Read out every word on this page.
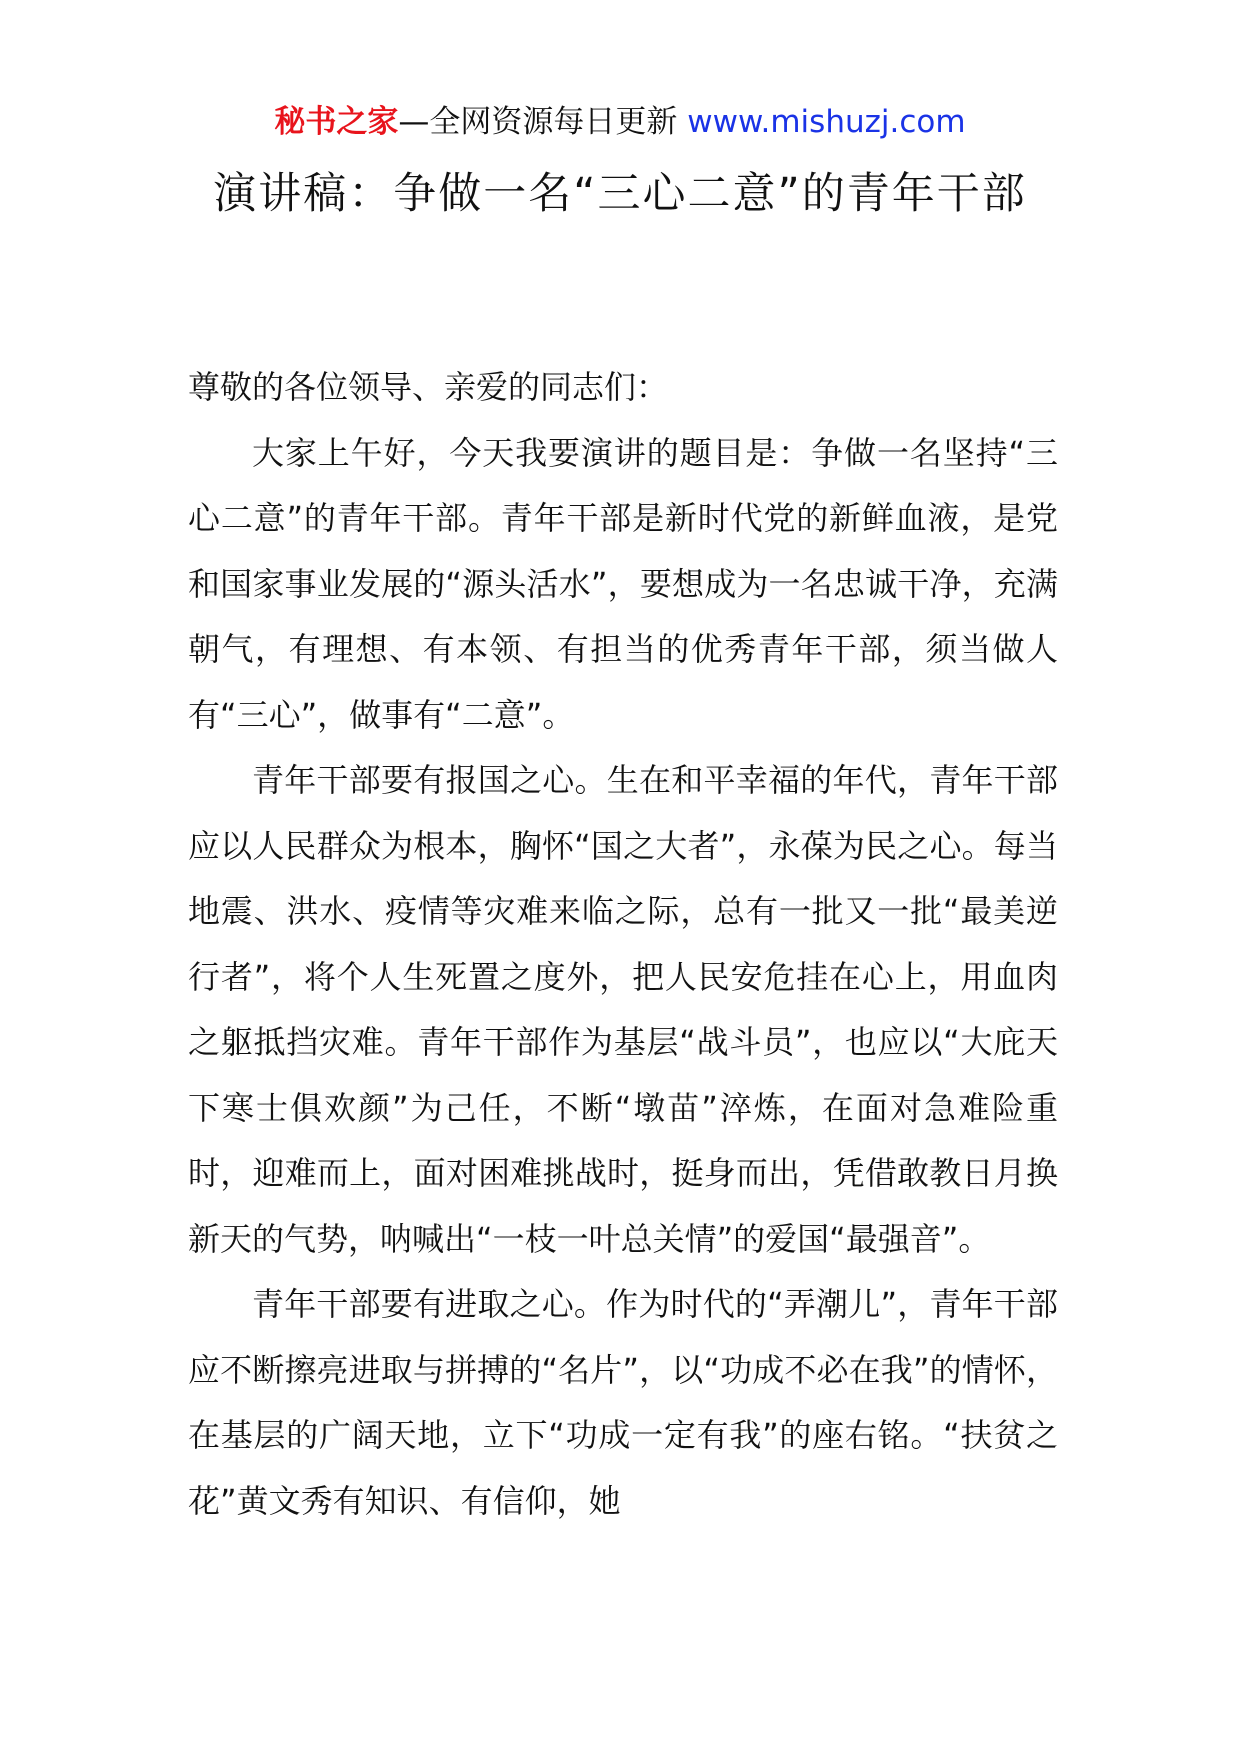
秘书之家—全网资源每日更新 www.mishuzj.com
演讲稿：争做一名“三心二意”的青年干部

尊敬的各位领导、亲爱的同志们：

大家上午好，今天我要演讲的题目是：争做一名坚持“三心二意”的青年干部。青年干部是新时代党的新鲜血液，是党和国家事业发展的“源头活水”，要想成为一名忠诚干净，充满朝气，有理想、有本领、有担当的优秀青年干部，须当做人有“三心”，做事有“二意”。

青年干部要有报国之心。生在和平幸福的年代，青年干部应以人民群众为根本，胸怀“国之大者”，永葆为民之心。每当地震、洪水、疫情等灾难来临之际，总有一批又一批“最美逆行者”，将个人生死置之度外，把人民安危挂在心上，用血肉之躯抵挡灾难。青年干部作为基层“战斗员”，也应以“大庇天下寒士俱欢颜”为己任，不断“墩苗”淬炼，在面对急难险重时，迎难而上，面对困难挑战时，挺身而出，凭借敢教日月换新天的气势，呐喊出“一枝一叶总关情”的爱国“最强音”。

青年干部要有进取之心。作为时代的“弄潮儿”，青年干部应不断擦亮进取与拼搏的“名片”，以“功成不必在我”的情怀，在基层的广阔天地，立下“功成一定有我”的座右铭。“扶贫之花”黄文秀有知识、有信仰，她
